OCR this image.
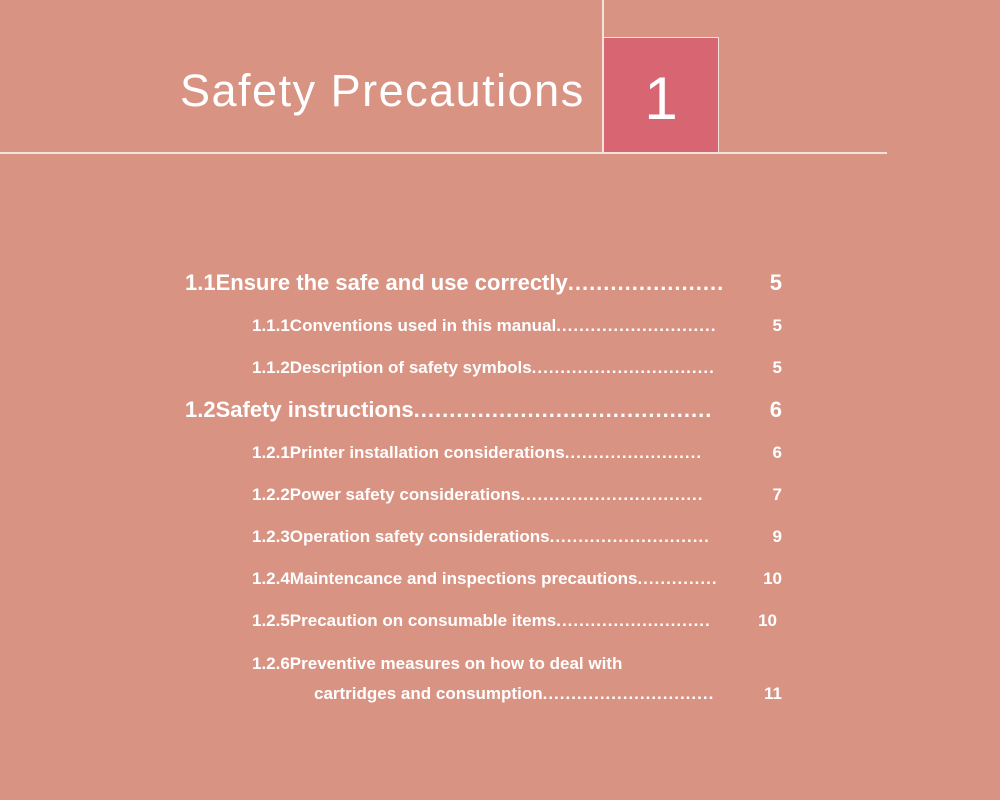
Safety Precautions 1
1.1Ensure the safe and use correctly ......................	5
1.1.1Conventions used in this manual ............................	5
1.1.2Description of safety symbols ................................	5
1.2Safety instructions ..........................................	6
1.2.1Printer installation considerations ........................	6
1.2.2Power safety considerations ................................	7
1.2.3Operation safety considerations ............................	9
1.2.4Maintencance and inspections precautions ..............	10
1.2.5Precaution on consumable items ...........................	10
1.2.6Preventive measures on how to deal with
cartridges and consumption ..............................	11
